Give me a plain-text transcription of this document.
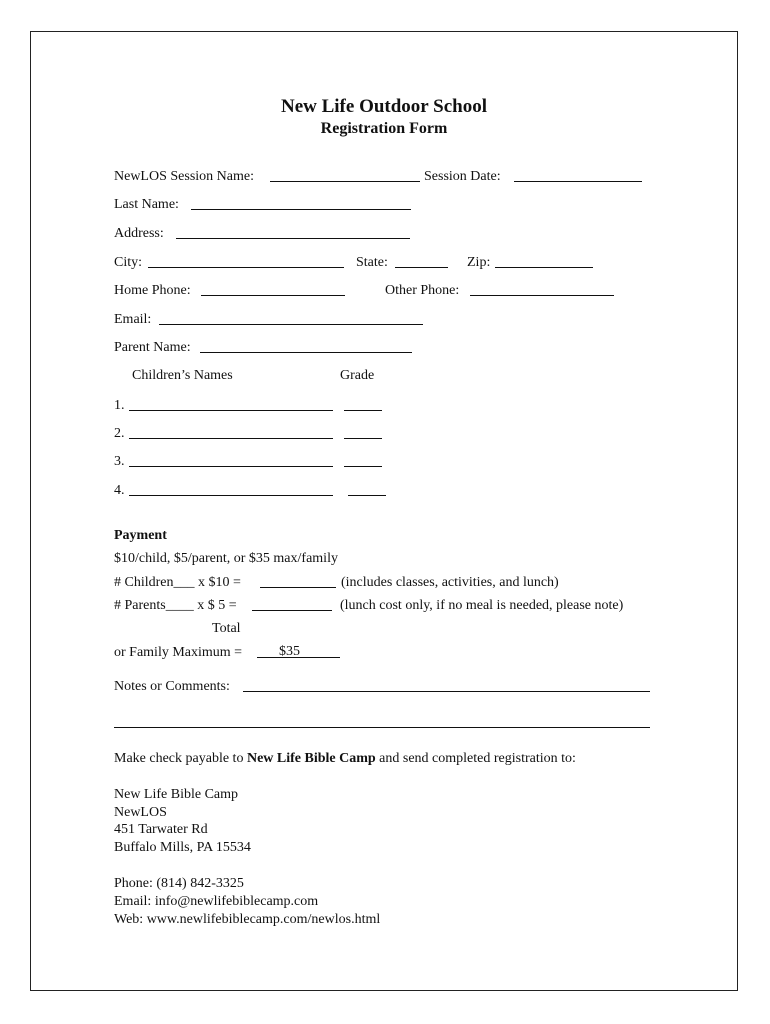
New Life Outdoor School
Registration Form
NewLOS Session Name:	Session Date:
Last Name:
Address:
City:	State:	Zip:
Home Phone:	Other Phone:
Email:
Parent Name:
Children’s Names	Grade
1.
2.
3.
4.
Payment
$10/child, $5/parent, or $35 max/family
# Children___ x $10 =	(includes classes, activities, and lunch)
# Parents____ x $ 5 =	(lunch cost only, if no meal is needed, please note)
Total
or Family Maximum =	$35
Notes or Comments:
Make check payable to New Life Bible Camp and send completed registration to:
New Life Bible Camp
NewLOS
451 Tarwater Rd
Buffalo Mills, PA 15534
Phone: (814) 842-3325
Email: info@newlifebiblecamp.com
Web: www.newlifebiblecamp.com/newlos.html
